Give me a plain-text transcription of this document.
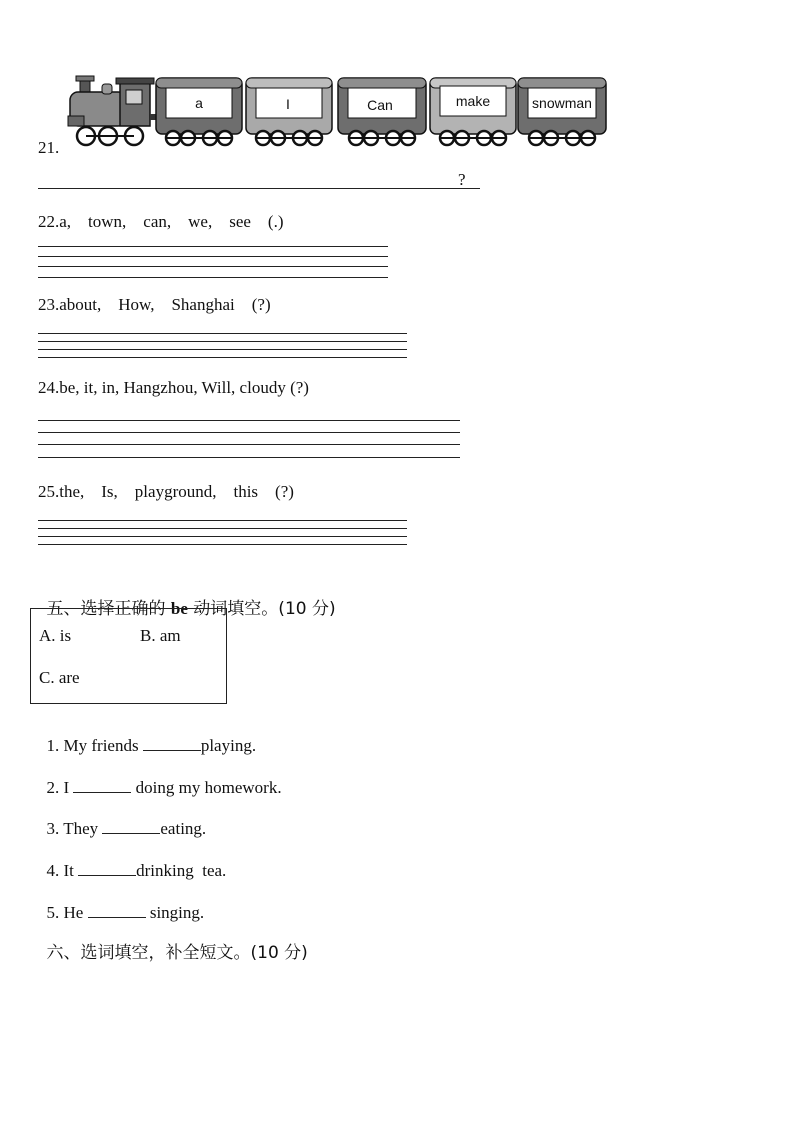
a	I	Can	make	snowman
21.
?
22.a,    town,    can,    we,    see    (.)
23.about,    How,    Shanghai    (?)
24.be, it, in, Hangzhou, Will, cloudy (?)
25.the,    Is,    playground,    this    (?)

五、选择正确的 be 动词填空。(10 分)

A. is	B. am
C. are

1. My friends	playing.

2. I	doing my homework.

3. They	eating.

4. It	drinking  tea.

5. He	singing.

六、选词填空，补全短文。(10 分)
